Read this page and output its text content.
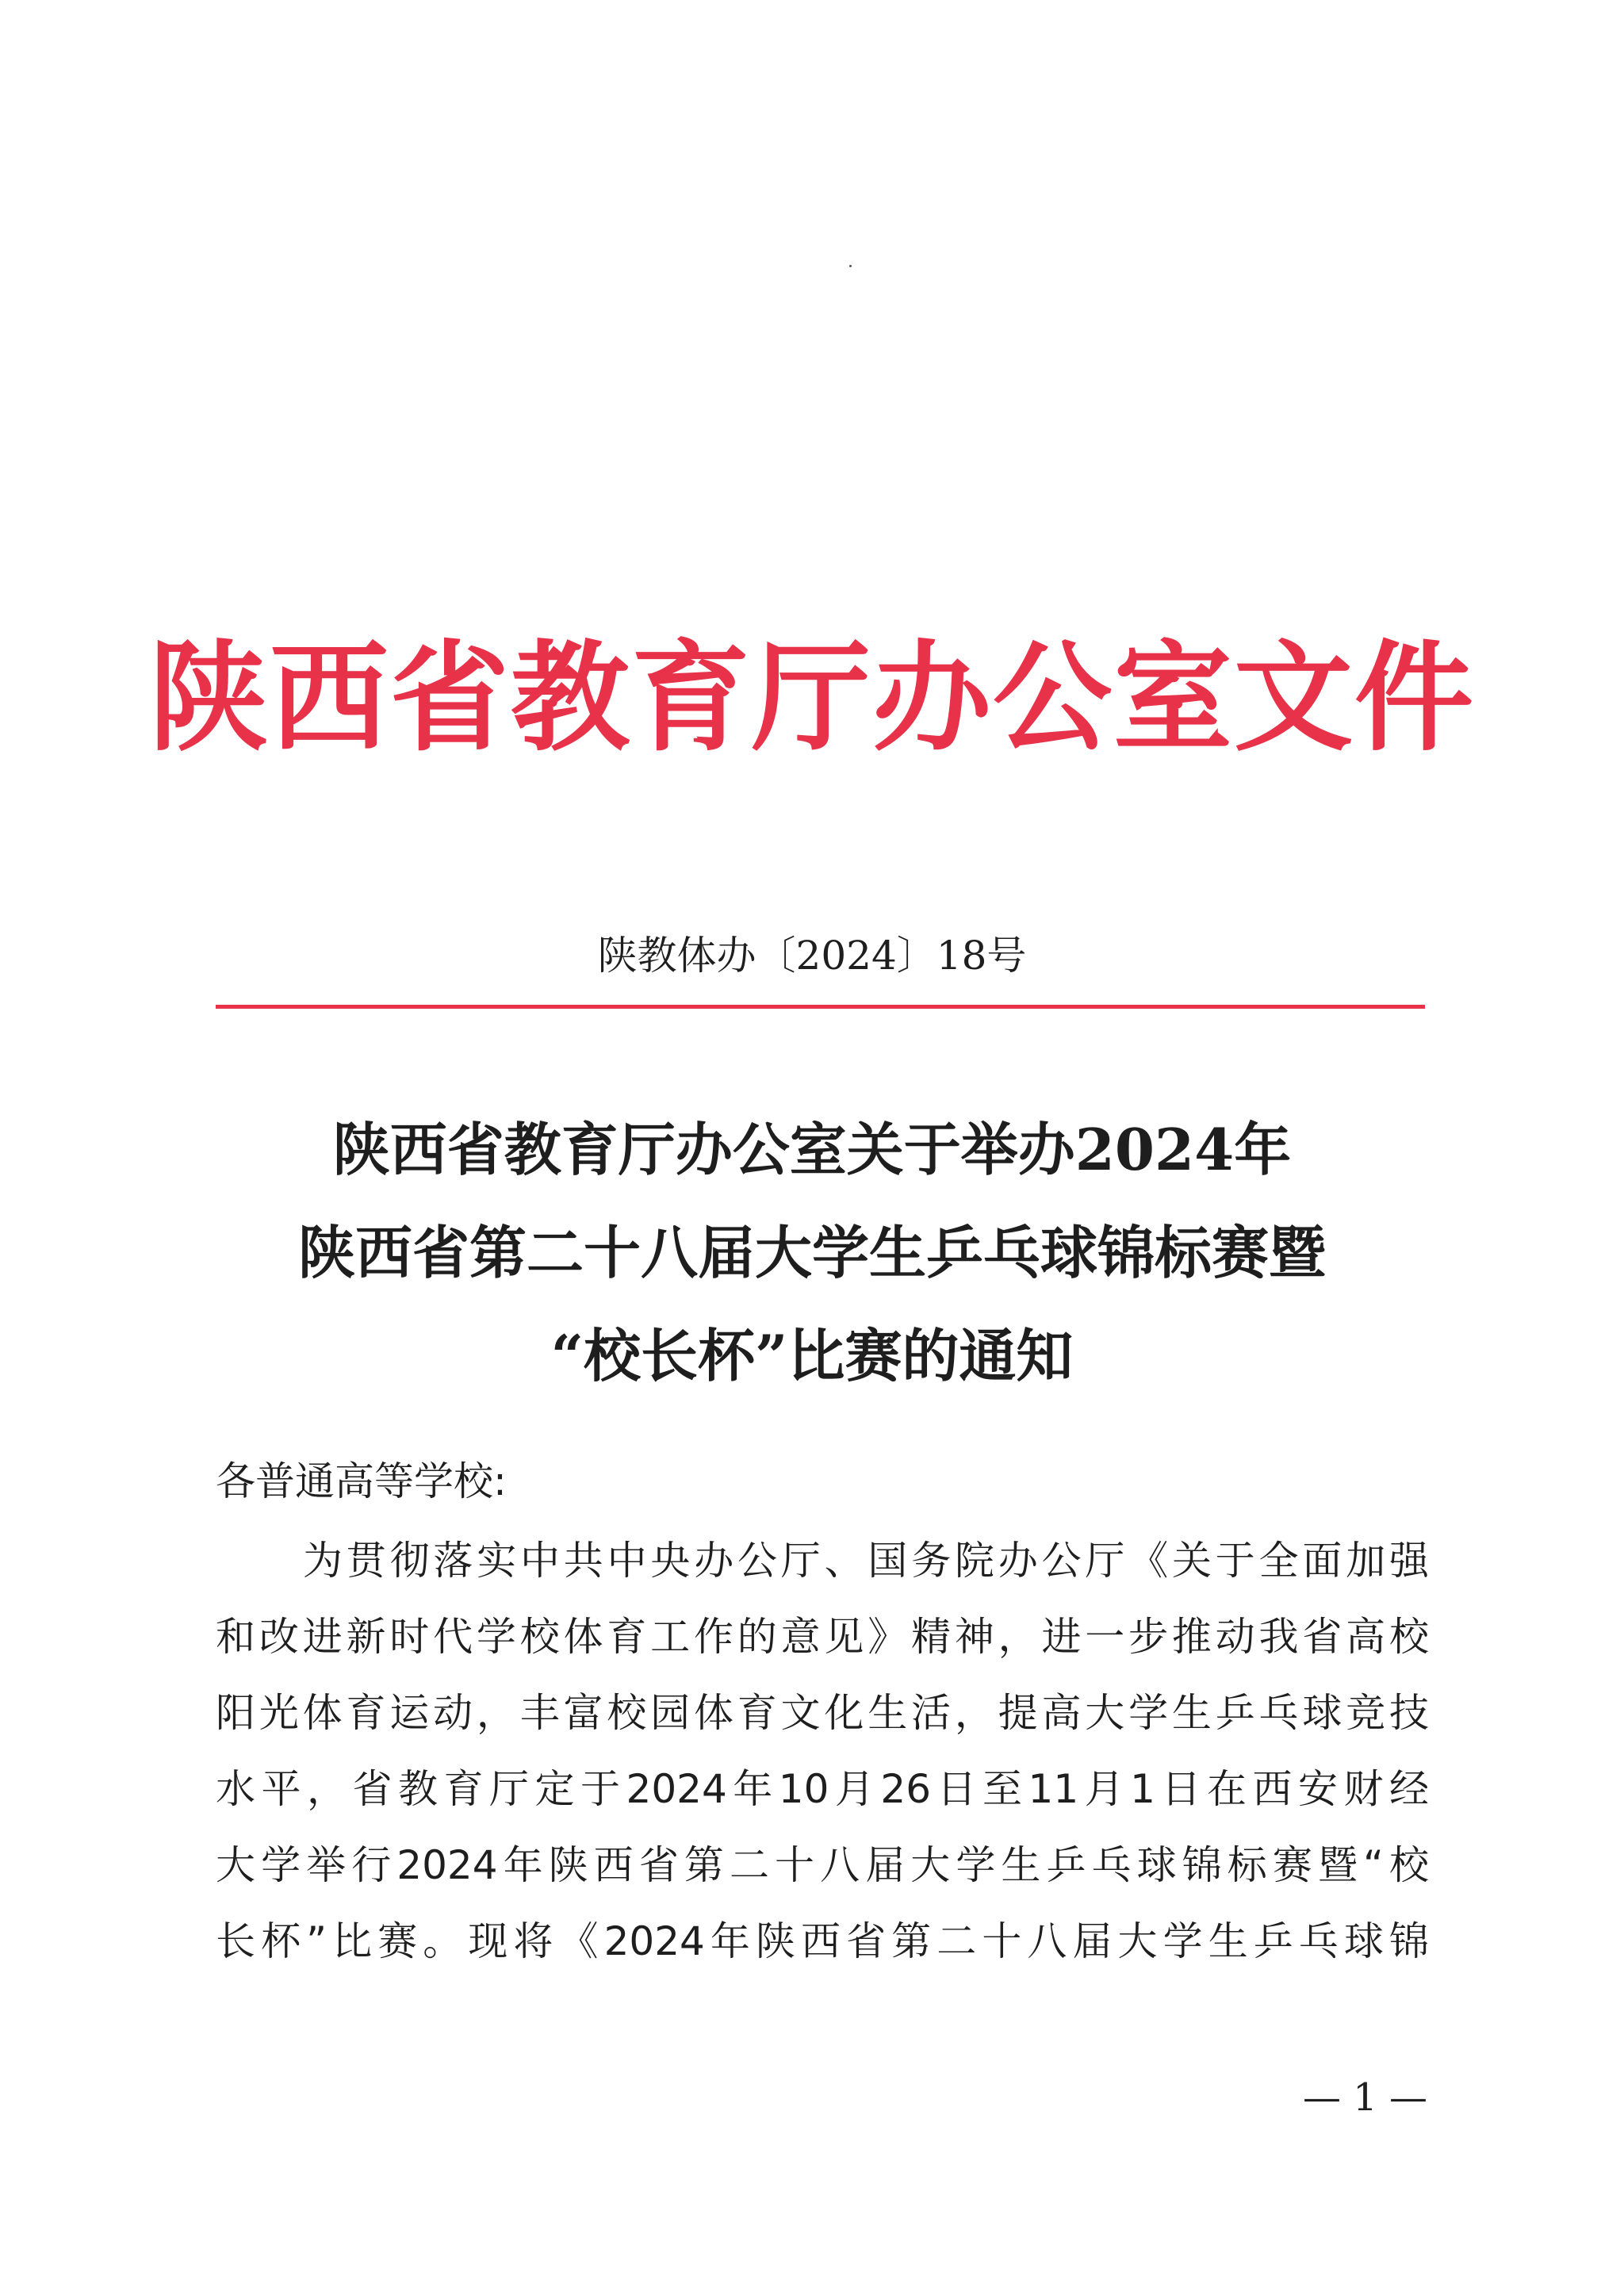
陕西省教育厅办公室文件
陕教体办〔2024〕18号
陕西省教育厅办公室关于举办2024年
陕西省第二十八届大学生乒乓球锦标赛暨
“校长杯”比赛的通知
各普通高等学校:
为贯彻落实中共中央办公厅、国务院办公厅《关于全面加强
和改进新时代学校体育工作的意见》精神，进一步推动我省高校
阳光体育运动，丰富校园体育文化生活，提高大学生乒乓球竞技
水平，省教育厅定于2024年10月26日至11月1日在西安财经
大学举行2024年陕西省第二十八届大学生乒乓球锦标赛暨“校
长杯”比赛。现将《2024年陕西省第二十八届大学生乒乓球锦
— 1 —
